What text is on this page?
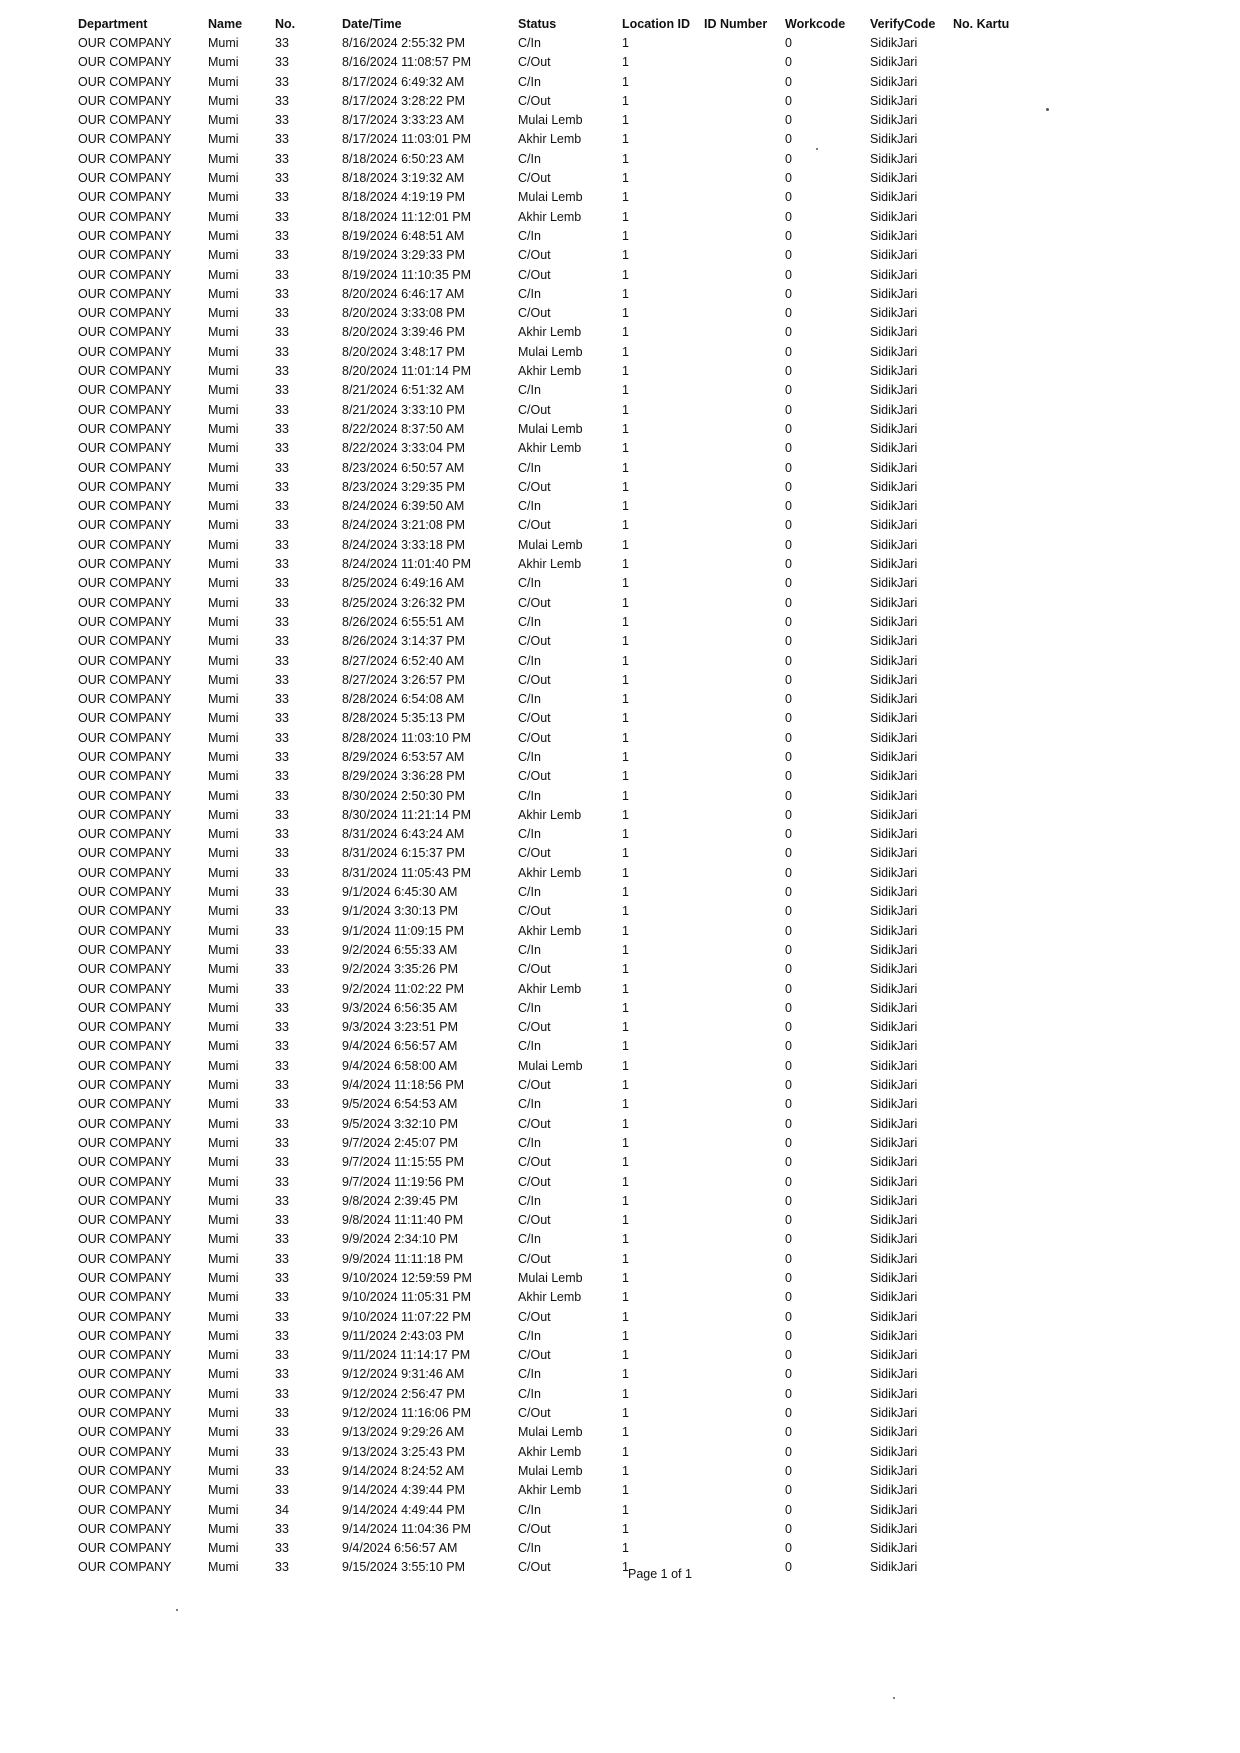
Department	Name	No.	Date/Time	Status	Location ID	ID Number	Workcode	VerifyCode	No. Kartu
OUR COMPANY	Mumi	33	8/16/2024 2:55:32 PM	C/In	1		0	SidikJari	
OUR COMPANY	Mumi	33	8/16/2024 11:08:57 PM	C/Out	1		0	SidikJari	
OUR COMPANY	Mumi	33	8/17/2024 6:49:32 AM	C/In	1		0	SidikJari	
OUR COMPANY	Mumi	33	8/17/2024 3:28:22 PM	C/Out	1		0	SidikJari	
OUR COMPANY	Mumi	33	8/17/2024 3:33:23 AM	Mulai Lemb	1		0	SidikJari	
OUR COMPANY	Mumi	33	8/17/2024 11:03:01 PM	Akhir Lemb	1		0	SidikJari	
OUR COMPANY	Mumi	33	8/18/2024 6:50:23 AM	C/In	1		0	SidikJari	
OUR COMPANY	Mumi	33	8/18/2024 3:19:32 AM	C/Out	1		0	SidikJari	
OUR COMPANY	Mumi	33	8/18/2024 4:19:19 PM	Mulai Lemb	1		0	SidikJari	
OUR COMPANY	Mumi	33	8/18/2024 11:12:01 PM	Akhir Lemb	1		0	SidikJari	
OUR COMPANY	Mumi	33	8/19/2024 6:48:51 AM	C/In	1		0	SidikJari	
OUR COMPANY	Mumi	33	8/19/2024 3:29:33 PM	C/Out	1		0	SidikJari	
OUR COMPANY	Mumi	33	8/19/2024 11:10:35 PM	C/Out	1		0	SidikJari	
OUR COMPANY	Mumi	33	8/20/2024 6:46:17 AM	C/In	1		0	SidikJari	
OUR COMPANY	Mumi	33	8/20/2024 3:33:08 PM	C/Out	1		0	SidikJari	
OUR COMPANY	Mumi	33	8/20/2024 3:39:46 PM	Akhir Lemb	1		0	SidikJari	
OUR COMPANY	Mumi	33	8/20/2024 3:48:17 PM	Mulai Lemb	1		0	SidikJari	
OUR COMPANY	Mumi	33	8/20/2024 11:01:14 PM	Akhir Lemb	1		0	SidikJari	
OUR COMPANY	Mumi	33	8/21/2024 6:51:32 AM	C/In	1		0	SidikJari	
OUR COMPANY	Mumi	33	8/21/2024 3:33:10 PM	C/Out	1		0	SidikJari	
OUR COMPANY	Mumi	33	8/22/2024 8:37:50 AM	Mulai Lemb	1		0	SidikJari	
OUR COMPANY	Mumi	33	8/22/2024 3:33:04 PM	Akhir Lemb	1		0	SidikJari	
OUR COMPANY	Mumi	33	8/23/2024 6:50:57 AM	C/In	1		0	SidikJari	
OUR COMPANY	Mumi	33	8/23/2024 3:29:35 PM	C/Out	1		0	SidikJari	
OUR COMPANY	Mumi	33	8/24/2024 6:39:50 AM	C/In	1		0	SidikJari	
OUR COMPANY	Mumi	33	8/24/2024 3:21:08 PM	C/Out	1		0	SidikJari	
OUR COMPANY	Mumi	33	8/24/2024 3:33:18 PM	Mulai Lemb	1		0	SidikJari	
OUR COMPANY	Mumi	33	8/24/2024 11:01:40 PM	Akhir Lemb	1		0	SidikJari	
OUR COMPANY	Mumi	33	8/25/2024 6:49:16 AM	C/In	1		0	SidikJari	
OUR COMPANY	Mumi	33	8/25/2024 3:26:32 PM	C/Out	1		0	SidikJari	
OUR COMPANY	Mumi	33	8/26/2024 6:55:51 AM	C/In	1		0	SidikJari	
OUR COMPANY	Mumi	33	8/26/2024 3:14:37 PM	C/Out	1		0	SidikJari	
OUR COMPANY	Mumi	33	8/27/2024 6:52:40 AM	C/In	1		0	SidikJari	
OUR COMPANY	Mumi	33	8/27/2024 3:26:57 PM	C/Out	1		0	SidikJari	
OUR COMPANY	Mumi	33	8/28/2024 6:54:08 AM	C/In	1		0	SidikJari	
OUR COMPANY	Mumi	33	8/28/2024 5:35:13 PM	C/Out	1		0	SidikJari	
OUR COMPANY	Mumi	33	8/28/2024 11:03:10 PM	C/Out	1		0	SidikJari	
OUR COMPANY	Mumi	33	8/29/2024 6:53:57 AM	C/In	1		0	SidikJari	
OUR COMPANY	Mumi	33	8/29/2024 3:36:28 PM	C/Out	1		0	SidikJari	
OUR COMPANY	Mumi	33	8/30/2024 2:50:30 PM	C/In	1		0	SidikJari	
OUR COMPANY	Mumi	33	8/30/2024 11:21:14 PM	Akhir Lemb	1		0	SidikJari	
OUR COMPANY	Mumi	33	8/31/2024 6:43:24 AM	C/In	1		0	SidikJari	
OUR COMPANY	Mumi	33	8/31/2024 6:15:37 PM	C/Out	1		0	SidikJari	
OUR COMPANY	Mumi	33	8/31/2024 11:05:43 PM	Akhir Lemb	1		0	SidikJari	
OUR COMPANY	Mumi	33	9/1/2024 6:45:30 AM	C/In	1		0	SidikJari	
OUR COMPANY	Mumi	33	9/1/2024 3:30:13 PM	C/Out	1		0	SidikJari	
OUR COMPANY	Mumi	33	9/1/2024 11:09:15 PM	Akhir Lemb	1		0	SidikJari	
OUR COMPANY	Mumi	33	9/2/2024 6:55:33 AM	C/In	1		0	SidikJari	
OUR COMPANY	Mumi	33	9/2/2024 3:35:26 PM	C/Out	1		0	SidikJari	
OUR COMPANY	Mumi	33	9/2/2024 11:02:22 PM	Akhir Lemb	1		0	SidikJari	
OUR COMPANY	Mumi	33	9/3/2024 6:56:35 AM	C/In	1		0	SidikJari	
OUR COMPANY	Mumi	33	9/3/2024 3:23:51 PM	C/Out	1		0	SidikJari	
OUR COMPANY	Mumi	33	9/4/2024 6:56:57 AM	C/In	1		0	SidikJari	
OUR COMPANY	Mumi	33	9/4/2024 6:58:00 AM	Mulai Lemb	1		0	SidikJari	
OUR COMPANY	Mumi	33	9/4/2024 11:18:56 PM	C/Out	1		0	SidikJari	
OUR COMPANY	Mumi	33	9/5/2024 6:54:53 AM	C/In	1		0	SidikJari	
OUR COMPANY	Mumi	33	9/5/2024 3:32:10 PM	C/Out	1		0	SidikJari	
OUR COMPANY	Mumi	33	9/7/2024 2:45:07 PM	C/In	1		0	SidikJari	
OUR COMPANY	Mumi	33	9/7/2024 11:15:55 PM	C/Out	1		0	SidikJari	
OUR COMPANY	Mumi	33	9/7/2024 11:19:56 PM	C/Out	1		0	SidikJari	
OUR COMPANY	Mumi	33	9/8/2024 2:39:45 PM	C/In	1		0	SidikJari	
OUR COMPANY	Mumi	33	9/8/2024 11:11:40 PM	C/Out	1		0	SidikJari	
OUR COMPANY	Mumi	33	9/9/2024 2:34:10 PM	C/In	1		0	SidikJari	
OUR COMPANY	Mumi	33	9/9/2024 11:11:18 PM	C/Out	1		0	SidikJari	
OUR COMPANY	Mumi	33	9/10/2024 12:59:59 PM	Mulai Lemb	1		0	SidikJari	
OUR COMPANY	Mumi	33	9/10/2024 11:05:31 PM	Akhir Lemb	1		0	SidikJari	
OUR COMPANY	Mumi	33	9/10/2024 11:07:22 PM	C/Out	1		0	SidikJari	
OUR COMPANY	Mumi	33	9/11/2024 2:43:03 PM	C/In	1		0	SidikJari	
OUR COMPANY	Mumi	33	9/11/2024 11:14:17 PM	C/Out	1		0	SidikJari	
OUR COMPANY	Mumi	33	9/12/2024 9:31:46 AM	C/In	1		0	SidikJari	
OUR COMPANY	Mumi	33	9/12/2024 2:56:47 PM	C/In	1		0	SidikJari	
OUR COMPANY	Mumi	33	9/12/2024 11:16:06 PM	C/Out	1		0	SidikJari	
OUR COMPANY	Mumi	33	9/13/2024 9:29:26 AM	Mulai Lemb	1		0	SidikJari	
OUR COMPANY	Mumi	33	9/13/2024 3:25:43 PM	Akhir Lemb	1		0	SidikJari	
OUR COMPANY	Mumi	33	9/14/2024 8:24:52 AM	Mulai Lemb	1		0	SidikJari	
OUR COMPANY	Mumi	33	9/14/2024 4:39:44 PM	Akhir Lemb	1		0	SidikJari	
OUR COMPANY	Mumi	34	9/14/2024 4:49:44 PM	C/In	1		0	SidikJari	
OUR COMPANY	Mumi	33	9/14/2024 11:04:36 PM	C/Out	1		0	SidikJari	
OUR COMPANY	Mumi	33	9/4/2024 6:56:57 AM	C/In	1		0	SidikJari	
OUR COMPANY	Mumi	33	9/15/2024 3:55:10 PM	C/Out	1		0	SidikJari	
Page 1 of 1
